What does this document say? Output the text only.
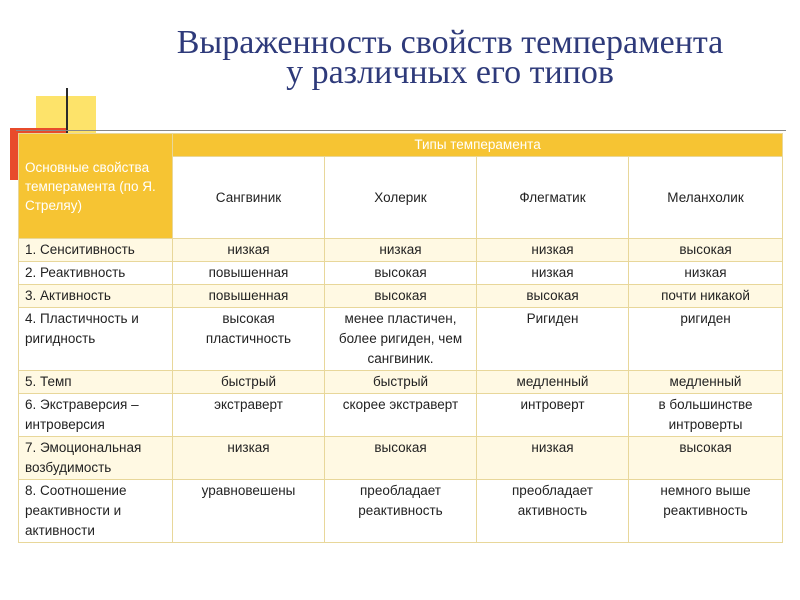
Выраженность свойств темперамента
у различных его типов
Основные свойства темперамента (по Я. Стреляу)	Типы темперамента			
	Сангвиник	Холерик	Флегматик	Меланхолик
1. Сенситивность	низкая	низкая	низкая	высокая
2. Реактивность	повышенная	высокая	низкая	низкая
3. Активность	повышенная	высокая	высокая	почти никакой
4. Пластичность и ригидность	высокая пластичность	менее пластичен, более ригиден, чем сангвиник.	Ригиден	ригиден
5. Темп	быстрый	быстрый	медленный	медленный
6. Экстраверсия – интроверсия	экстраверт	скорее экстраверт	интроверт	в большинстве интроверты
7. Эмоциональная возбудимость	низкая	высокая	низкая	высокая
8. Соотношение реактивности и активности	уравновешены	преобладает реактивность	преобладает активность	немного выше реактивность
